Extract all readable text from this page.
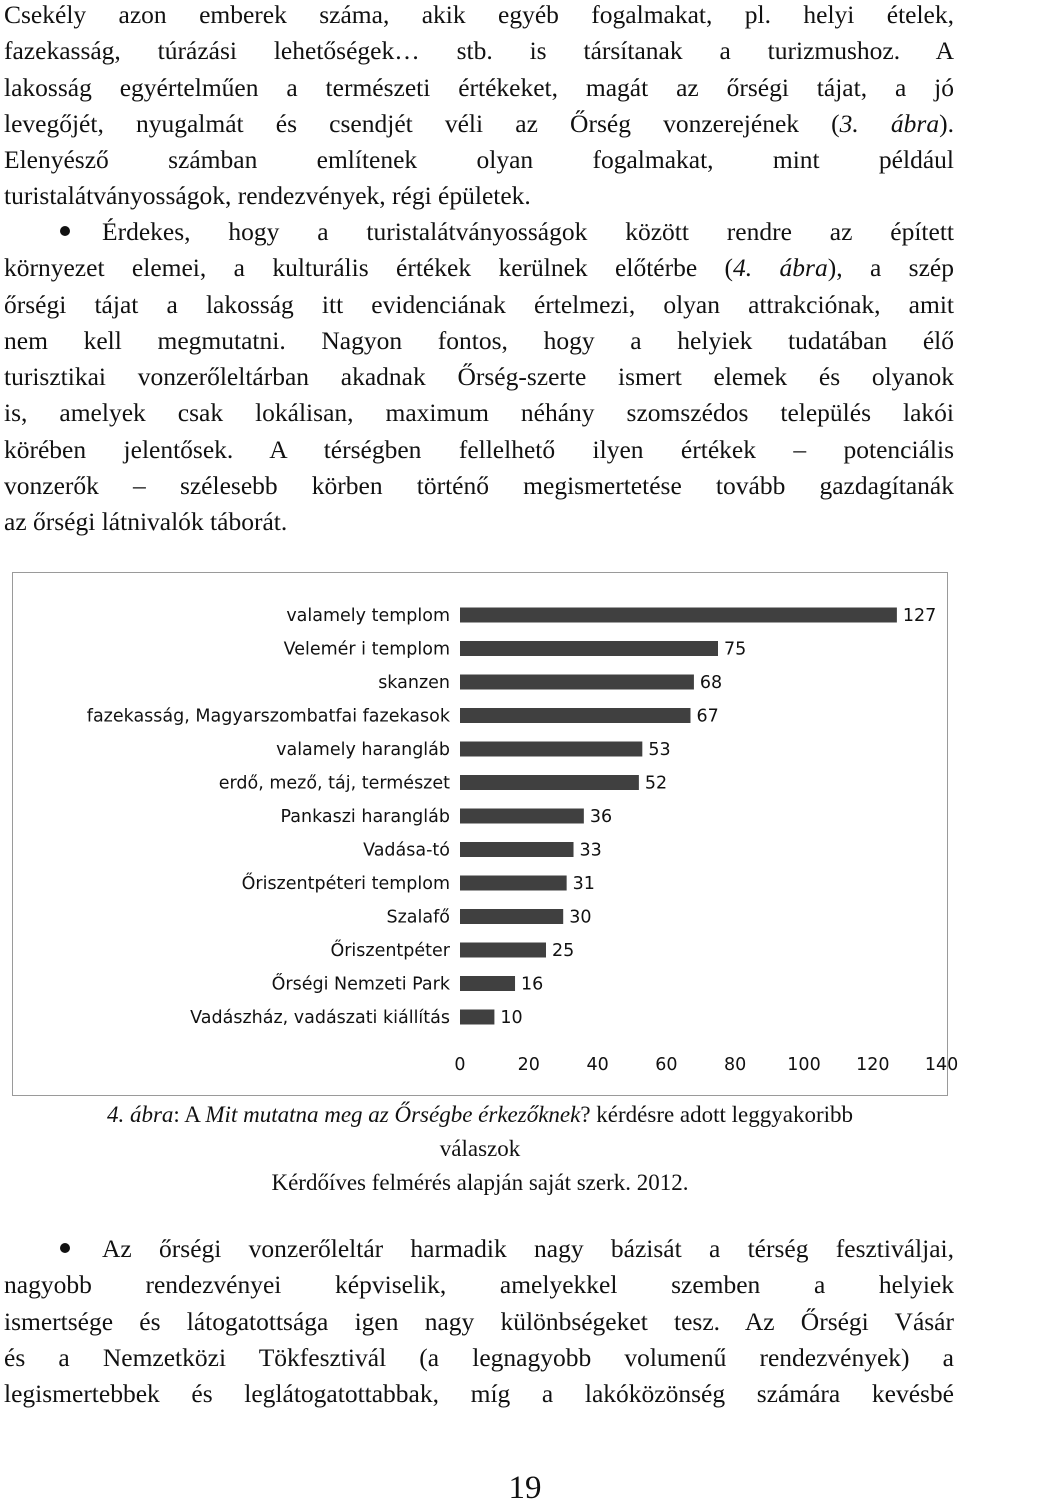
Csekély azon emberek száma, akik egyéb fogalmakat, pl. helyi ételek,
fazekasság, túrázási lehetőségek… stb. is társítanak a turizmushoz. A
lakosság egyértelműen a természeti értékeket, magát az őrségi tájat, a jó
levegőjét, nyugalmát és csendjét véli az Őrség vonzerejének (3. ábra).
Elenyésző számban említenek olyan fogalmakat, mint például
turistalátványosságok, rendezvények, régi épületek.
Érdekes, hogy a turistalátványosságok között rendre az épített
környezet elemei, a kulturális értékek kerülnek előtérbe (4. ábra), a szép
őrségi tájat a lakosság itt evidenciának értelmezi, olyan attrakciónak, amit
nem kell megmutatni. Nagyon fontos, hogy a helyiek tudatában élő
turisztikai vonzerőleltárban akadnak Őrség-szerte ismert elemek és olyanok
is, amelyek csak lokálisan, maximum néhány szomszédos település lakói
körében jelentősek. A térségben fellelhető ilyen értékek – potenciális
vonzerők – szélesebb körben történő megismertetése tovább gazdagítanák
az őrségi látnivalók táborát.
valamely templom	127
Velemér i templom	75
skanzen	68
fazekasság, Magyarszombatfai fazekasok	67
valamely harangláb	53
erdő, mező, táj, természet	52
Pankaszi harangláb	36
Vadása-tó	33
Őriszentpéteri templom	31
Szalafő	30
Őriszentpéter	25
Őrségi Nemzeti Park	16
Vadászház, vadászati kiállítás	10
0	20	40	60	80 100 120 140
4. ábra: A Mit mutatna meg az Őrségbe érkezőknek? kérdésre adott leggyakoribb
válaszok
Kérdőíves felmérés alapján saját szerk. 2012.
Az őrségi vonzerőleltár harmadik nagy bázisát a térség fesztiváljai,
nagyobb rendezvényei képviselik, amelyekkel szemben a helyiek
ismertsége és látogatottsága igen nagy különbségeket tesz. Az Őrségi Vásár
és a Nemzetközi Tökfesztivál (a legnagyobb volumenű rendezvények) a
legismertebbek és leglátogatottabbak, míg a lakóközönség számára kevésbé
19
